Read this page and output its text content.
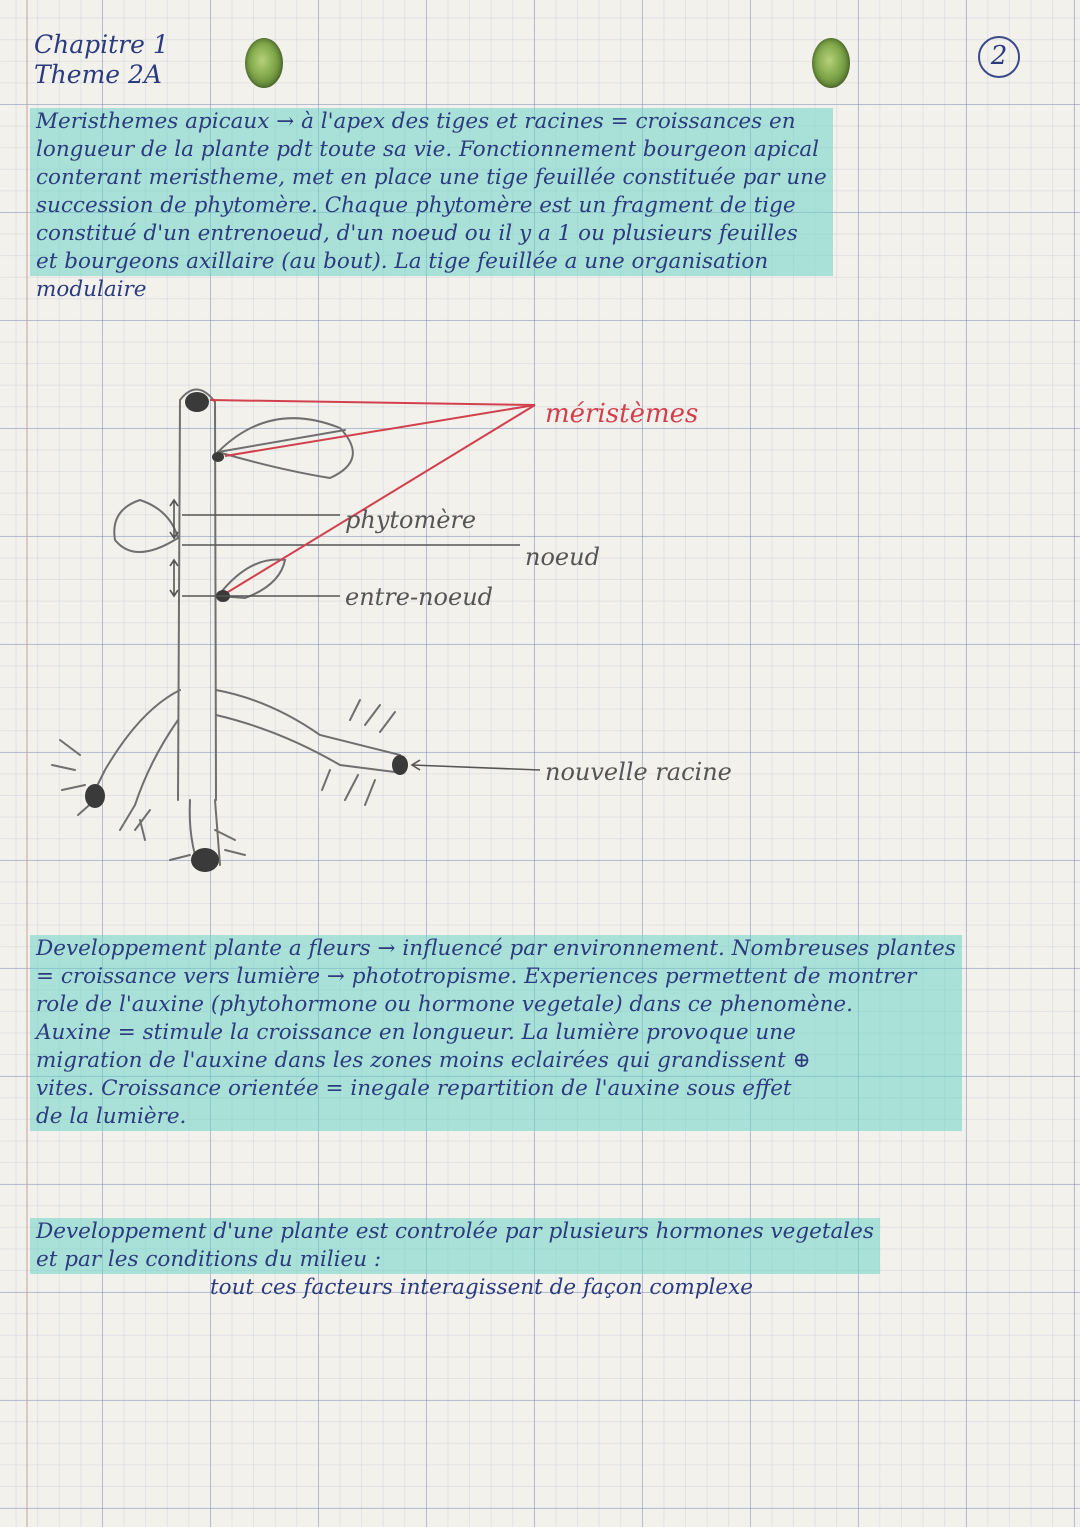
Chapitre 1
Theme 2A
2
Meristhemes apicaux → à l'apex des tiges et racines = croissances en
longueur de la plante pdt toute sa vie. Fonctionnement bourgeon apical
conterant meristheme, met en place une tige feuillée constituée par une
succession de phytomère. Chaque phytomère est un fragment de tige
constitué d'un entrenoeud, d'un noeud ou il y a 1 ou plusieurs feuilles
et bourgeons axillaire (au bout). La tige feuillée a une organisation
modulaire
méristèmes
phytomère
noeud
entre-noeud
nouvelle racine
Developpement plante a fleurs → influencé par environnement. Nombreuses plantes
= croissance vers lumière → phototropisme. Experiences permettent de montrer
role de l'auxine (phytohormone ou hormone vegetale) dans ce phenomène.
Auxine = stimule la croissance en longueur. La lumière provoque une
migration de l'auxine dans les zones moins eclairées qui grandissent ⊕
vites. Croissance orientée = inegale repartition de l'auxine sous effet
de la lumière.
Developpement d'une plante est controlée par plusieurs hormones vegetales
et par les conditions du milieu :
tout ces facteurs interagissent de façon complexe
